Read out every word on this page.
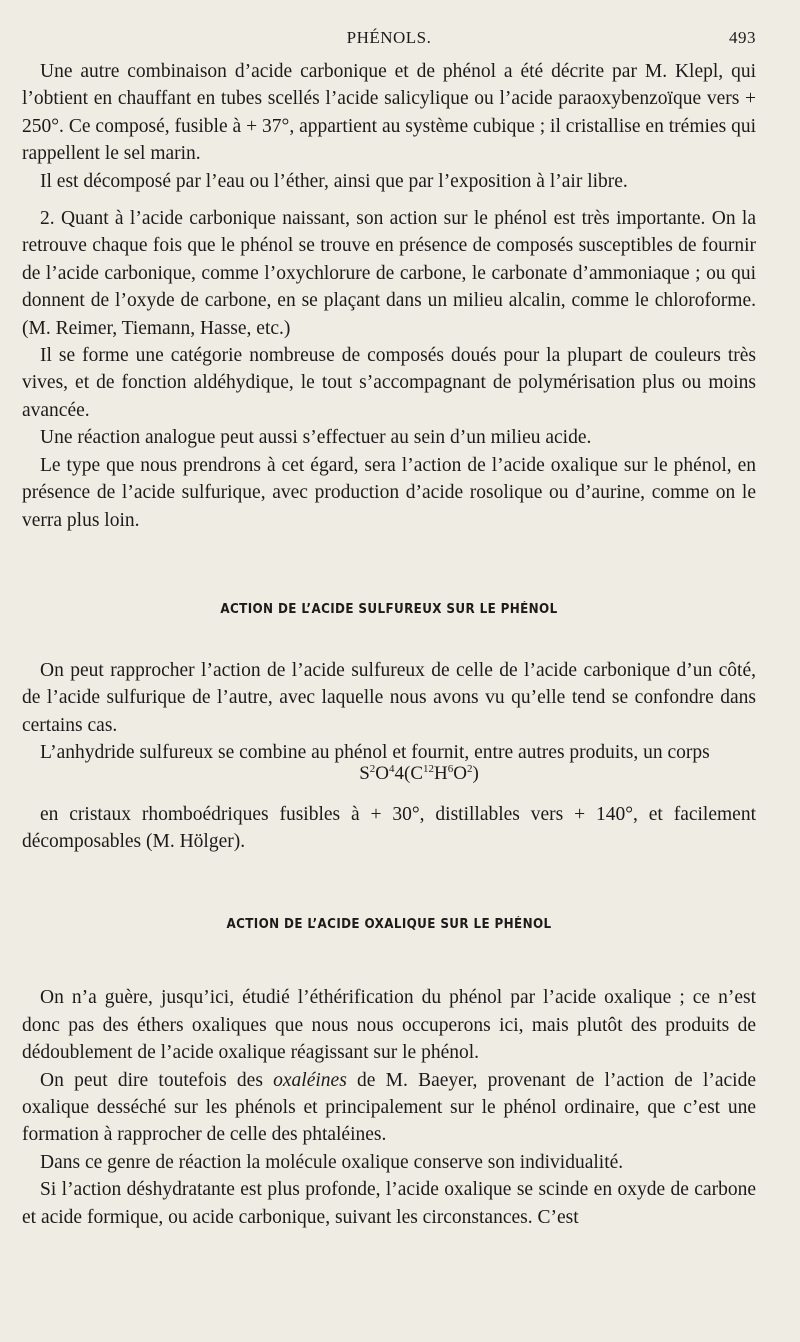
PHÉNOLS.	493

Une autre combinaison d’acide carbonique et de phénol a été décrite par M. Klepl, qui l’obtient en chauffant en tubes scellés l’acide salicylique ou l’acide paraoxybenzoïque vers + 250°. Ce composé, fusible à + 37°, appartient au système cubique ; il cristallise en trémies qui rappellent le sel marin.

Il est décomposé par l’eau ou l’éther, ainsi que par l’exposition à l’air libre.

2. Quant à l’acide carbonique naissant, son action sur le phénol est très importante. On la retrouve chaque fois que le phénol se trouve en présence de composés susceptibles de fournir de l’acide carbonique, comme l’oxychlorure de carbone, le carbonate d’ammoniaque ; ou qui donnent de l’oxyde de carbone, en se plaçant dans un milieu alcalin, comme le chloroforme. (M. Reimer, Tiemann, Hasse, etc.)

Il se forme une catégorie nombreuse de composés doués pour la plupart de couleurs très vives, et de fonction aldéhydique, le tout s’accompagnant de polymérisation plus ou moins avancée.

Une réaction analogue peut aussi s’effectuer au sein d’un milieu acide.

Le type que nous prendrons à cet égard, sera l’action de l’acide oxalique sur le phénol, en présence de l’acide sulfurique, avec production d’acide rosolique ou d’aurine, comme on le verra plus loin.

ACTION DE L’ACIDE SULFUREUX SUR LE PHÉNOL

On peut rapprocher l’action de l’acide sulfureux de celle de l’acide carbonique d’un côté, de l’acide sulfurique de l’autre, avec laquelle nous avons vu qu’elle tend se confondre dans certains cas.

L’anhydride sulfureux se combine au phénol et fournit, entre autres produits, un corps

$S^2O^44(C^{12}H^6O^2)$

en cristaux rhomboédriques fusibles à + 30°, distillables vers + 140°, et facilement décomposables (M. Hölger).

ACTION DE L’ACIDE OXALIQUE SUR LE PHÉNOL

On n’a guère, jusqu’ici, étudié l’éthérification du phénol par l’acide oxalique ; ce n’est donc pas des éthers oxaliques que nous nous occuperons ici, mais plutôt des produits de dédoublement de l’acide oxalique réagissant sur le phénol.

On peut dire toutefois des oxaléines de M. Baeyer, provenant de l’action de l’acide oxalique desséché sur les phénols et principalement sur le phénol ordinaire, que c’est une formation à rapprocher de celle des phtaléines.

Dans ce genre de réaction la molécule oxalique conserve son individualité.

Si l’action déshydratante est plus profonde, l’acide oxalique se scinde en oxyde de carbone et acide formique, ou acide carbonique, suivant les circonstances. C’est
